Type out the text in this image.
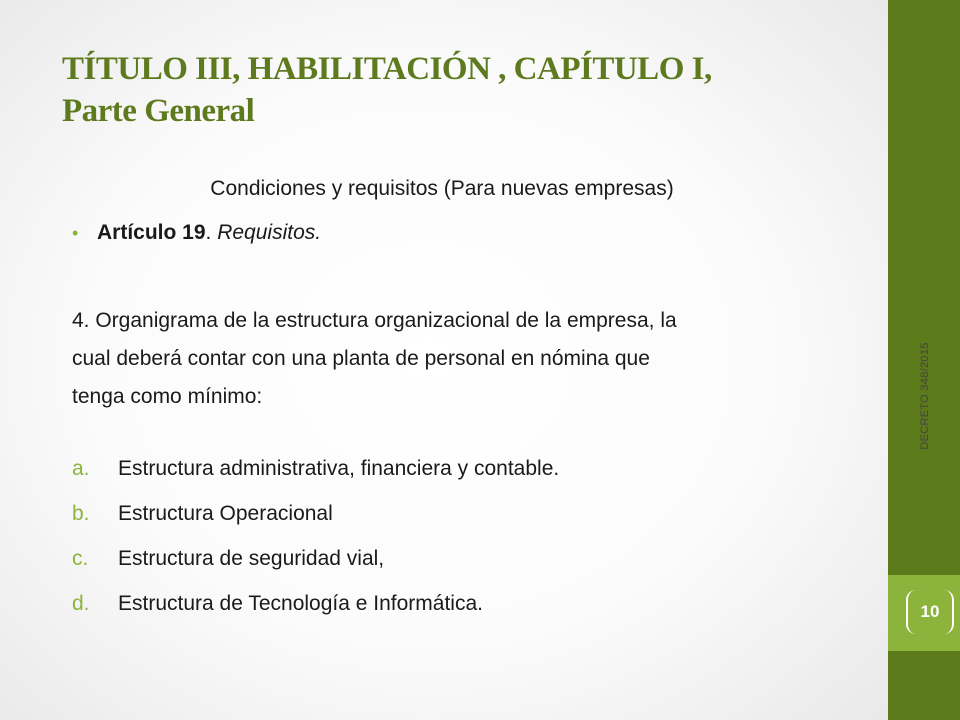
TÍTULO III, HABILITACIÓN , CAPÍTULO I,
Parte General
Condiciones y requisitos (Para nuevas empresas)
• Artículo 19. Requisitos.
4. Organigrama de la estructura organizacional de la empresa, la
cual deberá contar con una planta de personal en nómina que
tenga como mínimo:
a. Estructura administrativa, financiera y contable.
b. Estructura Operacional
c. Estructura de seguridad vial,
d. Estructura de Tecnología e Informática.
DECRETO 348/2015
10
